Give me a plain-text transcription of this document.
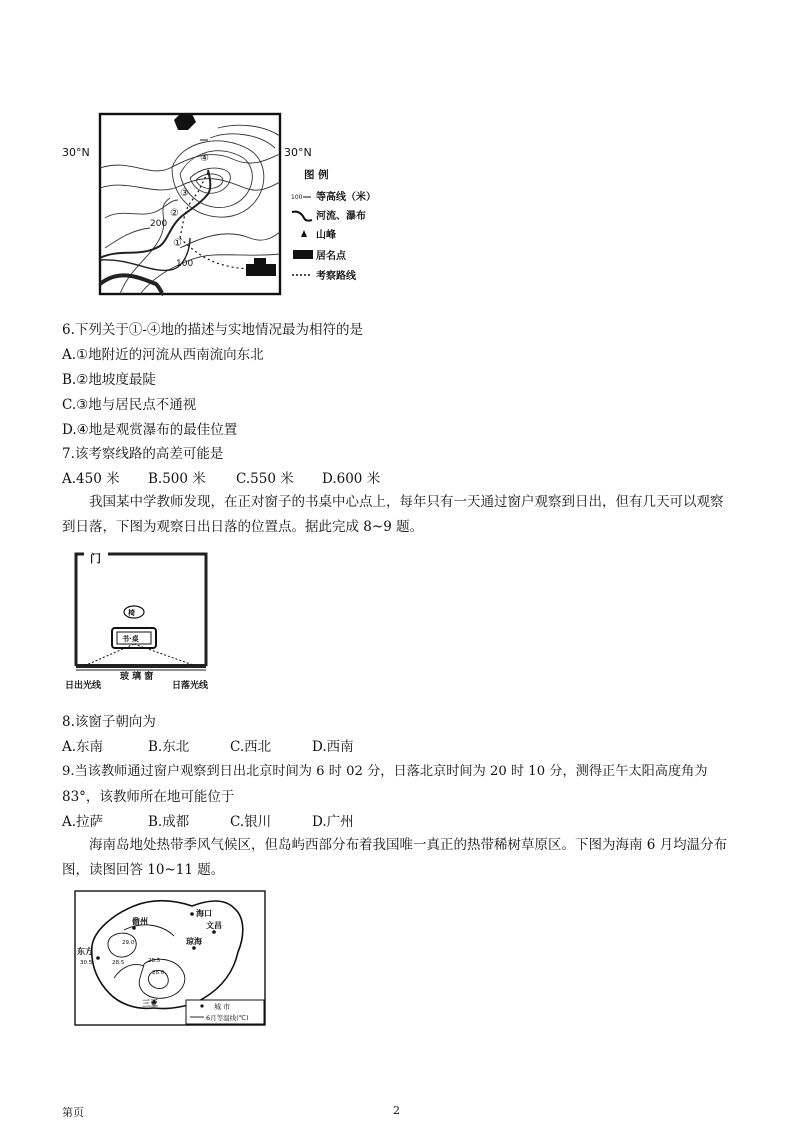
30°N	30°N
④
③
②
①
200
100
图 例
100 等高线（米）
河流、瀑布
山峰
居名点
考察路线
6.下列关于①-④地的描述与实地情况最为相符的是
A.①地附近的河流从西南流向东北
B.②地坡度最陡
C.③地与居民点不通视
D.④地是观赏瀑布的最佳位置
7.该考察线路的高差可能是
A.450 米 B.500 米 C.550 米 D.600 米
我国某中学教师发现，在正对窗子的书桌中心点上，每年只有一天通过窗户观察到日出，但有几天可以观察到日落，下图为观察日出日落的位置点。据此完成 8~9 题。
门
椅
书·桌
日出光线
玻 璃 窗
日落光线
8.该窗子朝向为
A.东南	B.东北	C.西北	D.西南
9.当该教师通过窗户观察到日出北京时间为 6 时 02 分，日落北京时间为 20 时 10 分，测得正午太阳高度角为
83°，该教师所在地可能位于
A.拉萨	B.成都	C.银川	D.广州
海南岛地处热带季风气候区，但岛屿西部分布着我国唯一真正的热带稀树草原区。下图为海南 6 月均温分布图，读图回答 10~11 题。
海口
儋州	文昌
琼海
东方
三亚
29.0
28.5
28.0
30.5	28.5
城 市
6月等温线(℃)
第页	2
